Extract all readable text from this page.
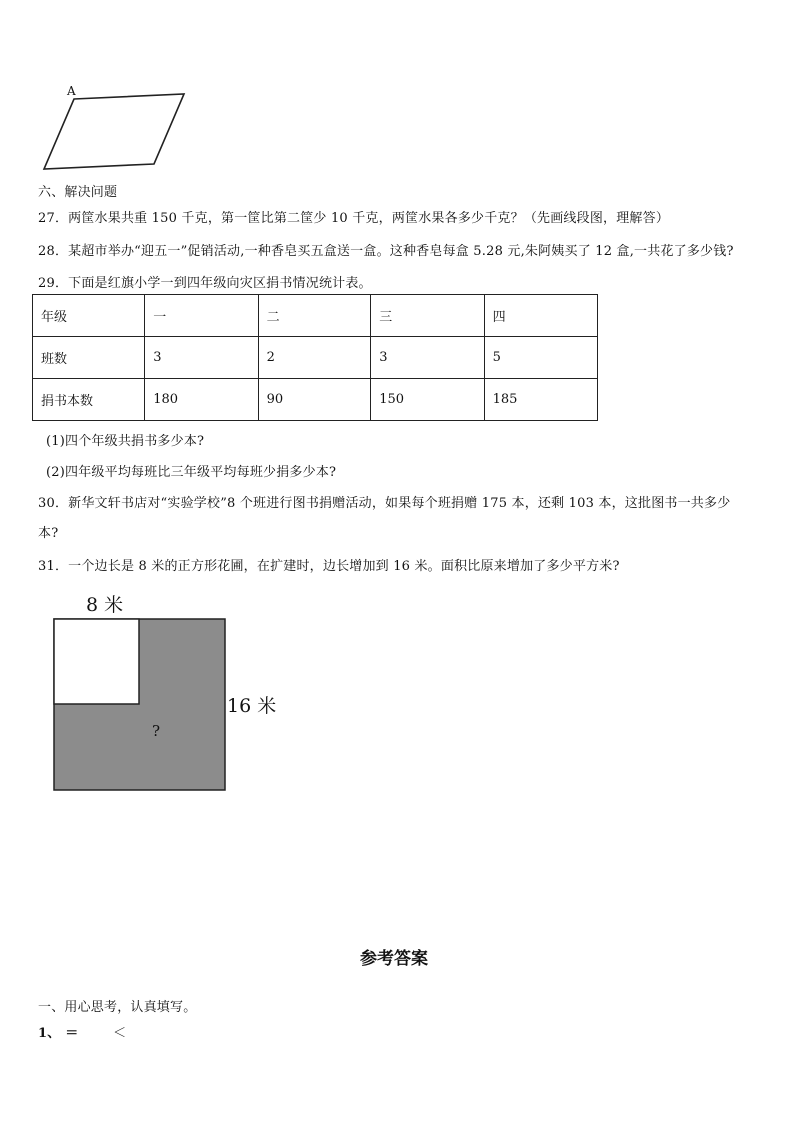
A
六、解决问题
27．两筐水果共重 150 千克，第一筐比第二筐少 10 千克，两筐水果各多少千克？（先画线段图，理解答）
28．某超市举办“迎五一”促销活动,一种香皂买五盒送一盒。这种香皂每盒 5.28 元,朱阿姨买了 12 盒,一共花了多少钱?
29．下面是红旗小学一到四年级向灾区捐书情况统计表。
年级	一	二	三	四
班数	3	2	3	5
捐书本数	180	90	150	185
(1)四个年级共捐书多少本?
(2)四年级平均每班比三年级平均每班少捐多少本?
30．新华文轩书店对“实验学校”8 个班进行图书捐赠活动，如果每个班捐赠 175 本，还剩 103 本，这批图书一共多少
本?
31．一个边长是 8 米的正方形花圃，在扩建时，边长增加到 16 米。面积比原来增加了多少平方米?
8 米
16 米
?
参考答案
一、用心思考，认真填写。
1、 ＝	＜
